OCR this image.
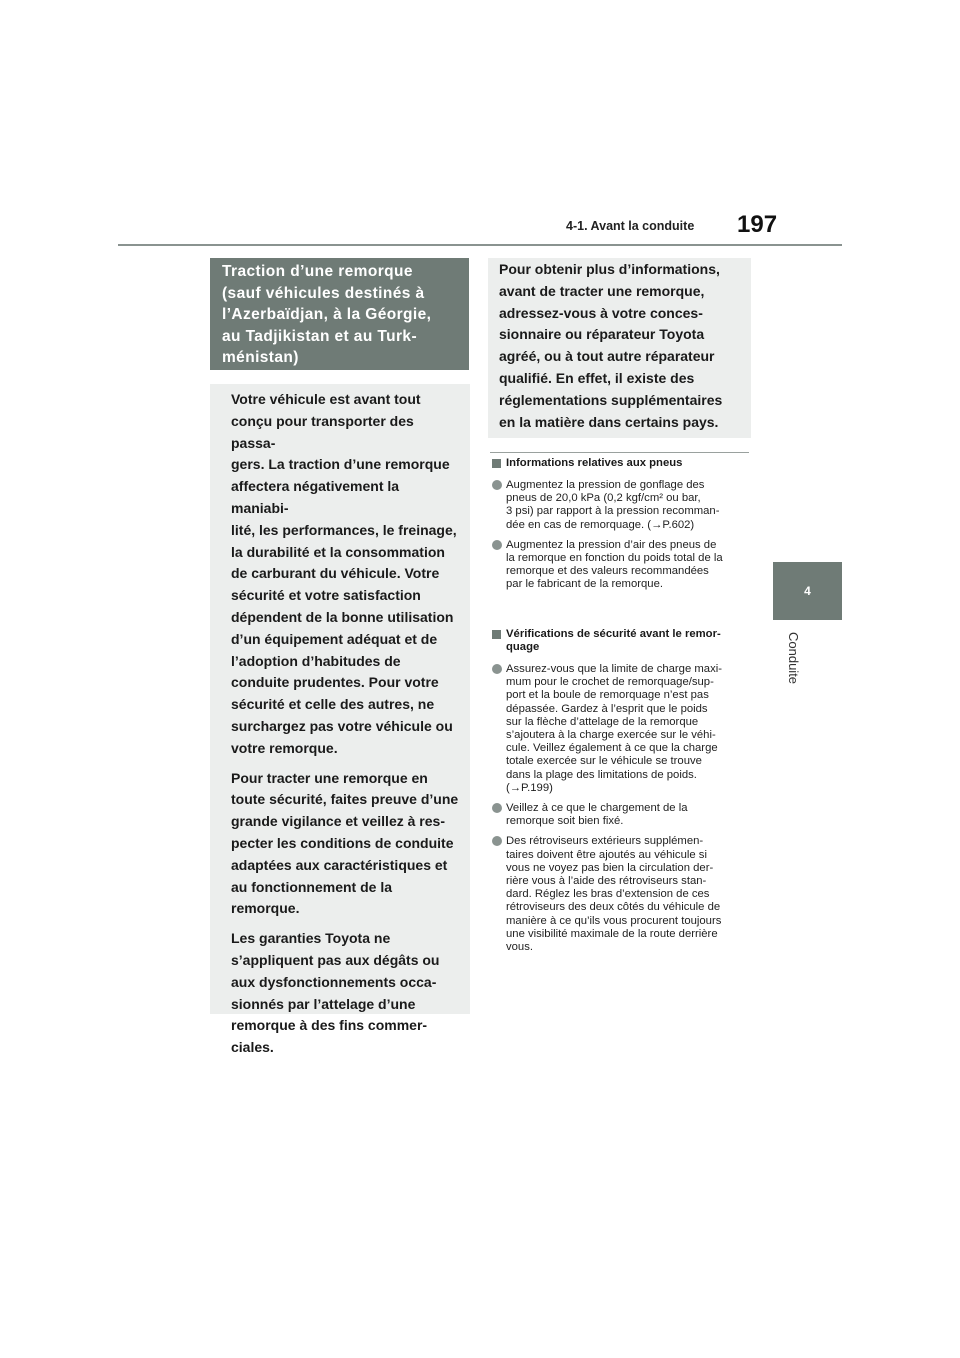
4-1. Avant la conduite 197
4
Conduite
Traction d’une remorque
(sauf véhicules destinés à
l’Azerbaïdjan, à la Géorgie,
au Tadjikistan et au Turk-
ménistan)

Votre véhicule est avant tout
conçu pour transporter des passa-
gers. La traction d’une remorque
affectera négativement la maniabi-
lité, les performances, le freinage,
la durabilité et la consommation
de carburant du véhicule. Votre
sécurité et votre satisfaction
dépendent de la bonne utilisation
d’un équipement adéquat et de
l’adoption d’habitudes de
conduite prudentes. Pour votre
sécurité et celle des autres, ne
surchargez pas votre véhicule ou
votre remorque.

Pour tracter une remorque en
toute sécurité, faites preuve d’une
grande vigilance et veillez à res-
pecter les conditions de conduite
adaptées aux caractéristiques et
au fonctionnement de la
remorque.

Les garanties Toyota ne
s’appliquent pas aux dégâts ou
aux dysfonctionnements occa-
sionnés par l’attelage d’une
remorque à des fins commer-
ciales.

Pour obtenir plus d’informations,
avant de tracter une remorque,
adressez-vous à votre conces-
sionnaire ou réparateur Toyota
agréé, ou à tout autre réparateur
qualifié. En effet, il existe des
réglementations supplémentaires
en la matière dans certains pays.

Informations relatives aux pneus
Augmentez la pression de gonflage des
pneus de 20,0 kPa (0,2 kgf/cm² ou bar,
3 psi) par rapport à la pression recomman-
dée en cas de remorquage. (→P.602)
Augmentez la pression d’air des pneus de
la remorque en fonction du poids total de la
remorque et des valeurs recommandées
par le fabricant de la remorque.
Vérifications de sécurité avant le remor-
quage
Assurez-vous que la limite de charge maxi-
mum pour le crochet de remorquage/sup-
port et la boule de remorquage n’est pas
dépassée. Gardez à l’esprit que le poids
sur la flèche d’attelage de la remorque
s’ajoutera à la charge exercée sur le véhi-
cule. Veillez également à ce que la charge
totale exercée sur le véhicule se trouve
dans la plage des limitations de poids.
(→P.199)
Veillez à ce que le chargement de la
remorque soit bien fixé.
Des rétroviseurs extérieurs supplémen-
taires doivent être ajoutés au véhicule si
vous ne voyez pas bien la circulation der-
rière vous à l’aide des rétroviseurs stan-
dard. Réglez les bras d’extension de ces
rétroviseurs des deux côtés du véhicule de
manière à ce qu’ils vous procurent toujours
une visibilité maximale de la route derrière
vous.
